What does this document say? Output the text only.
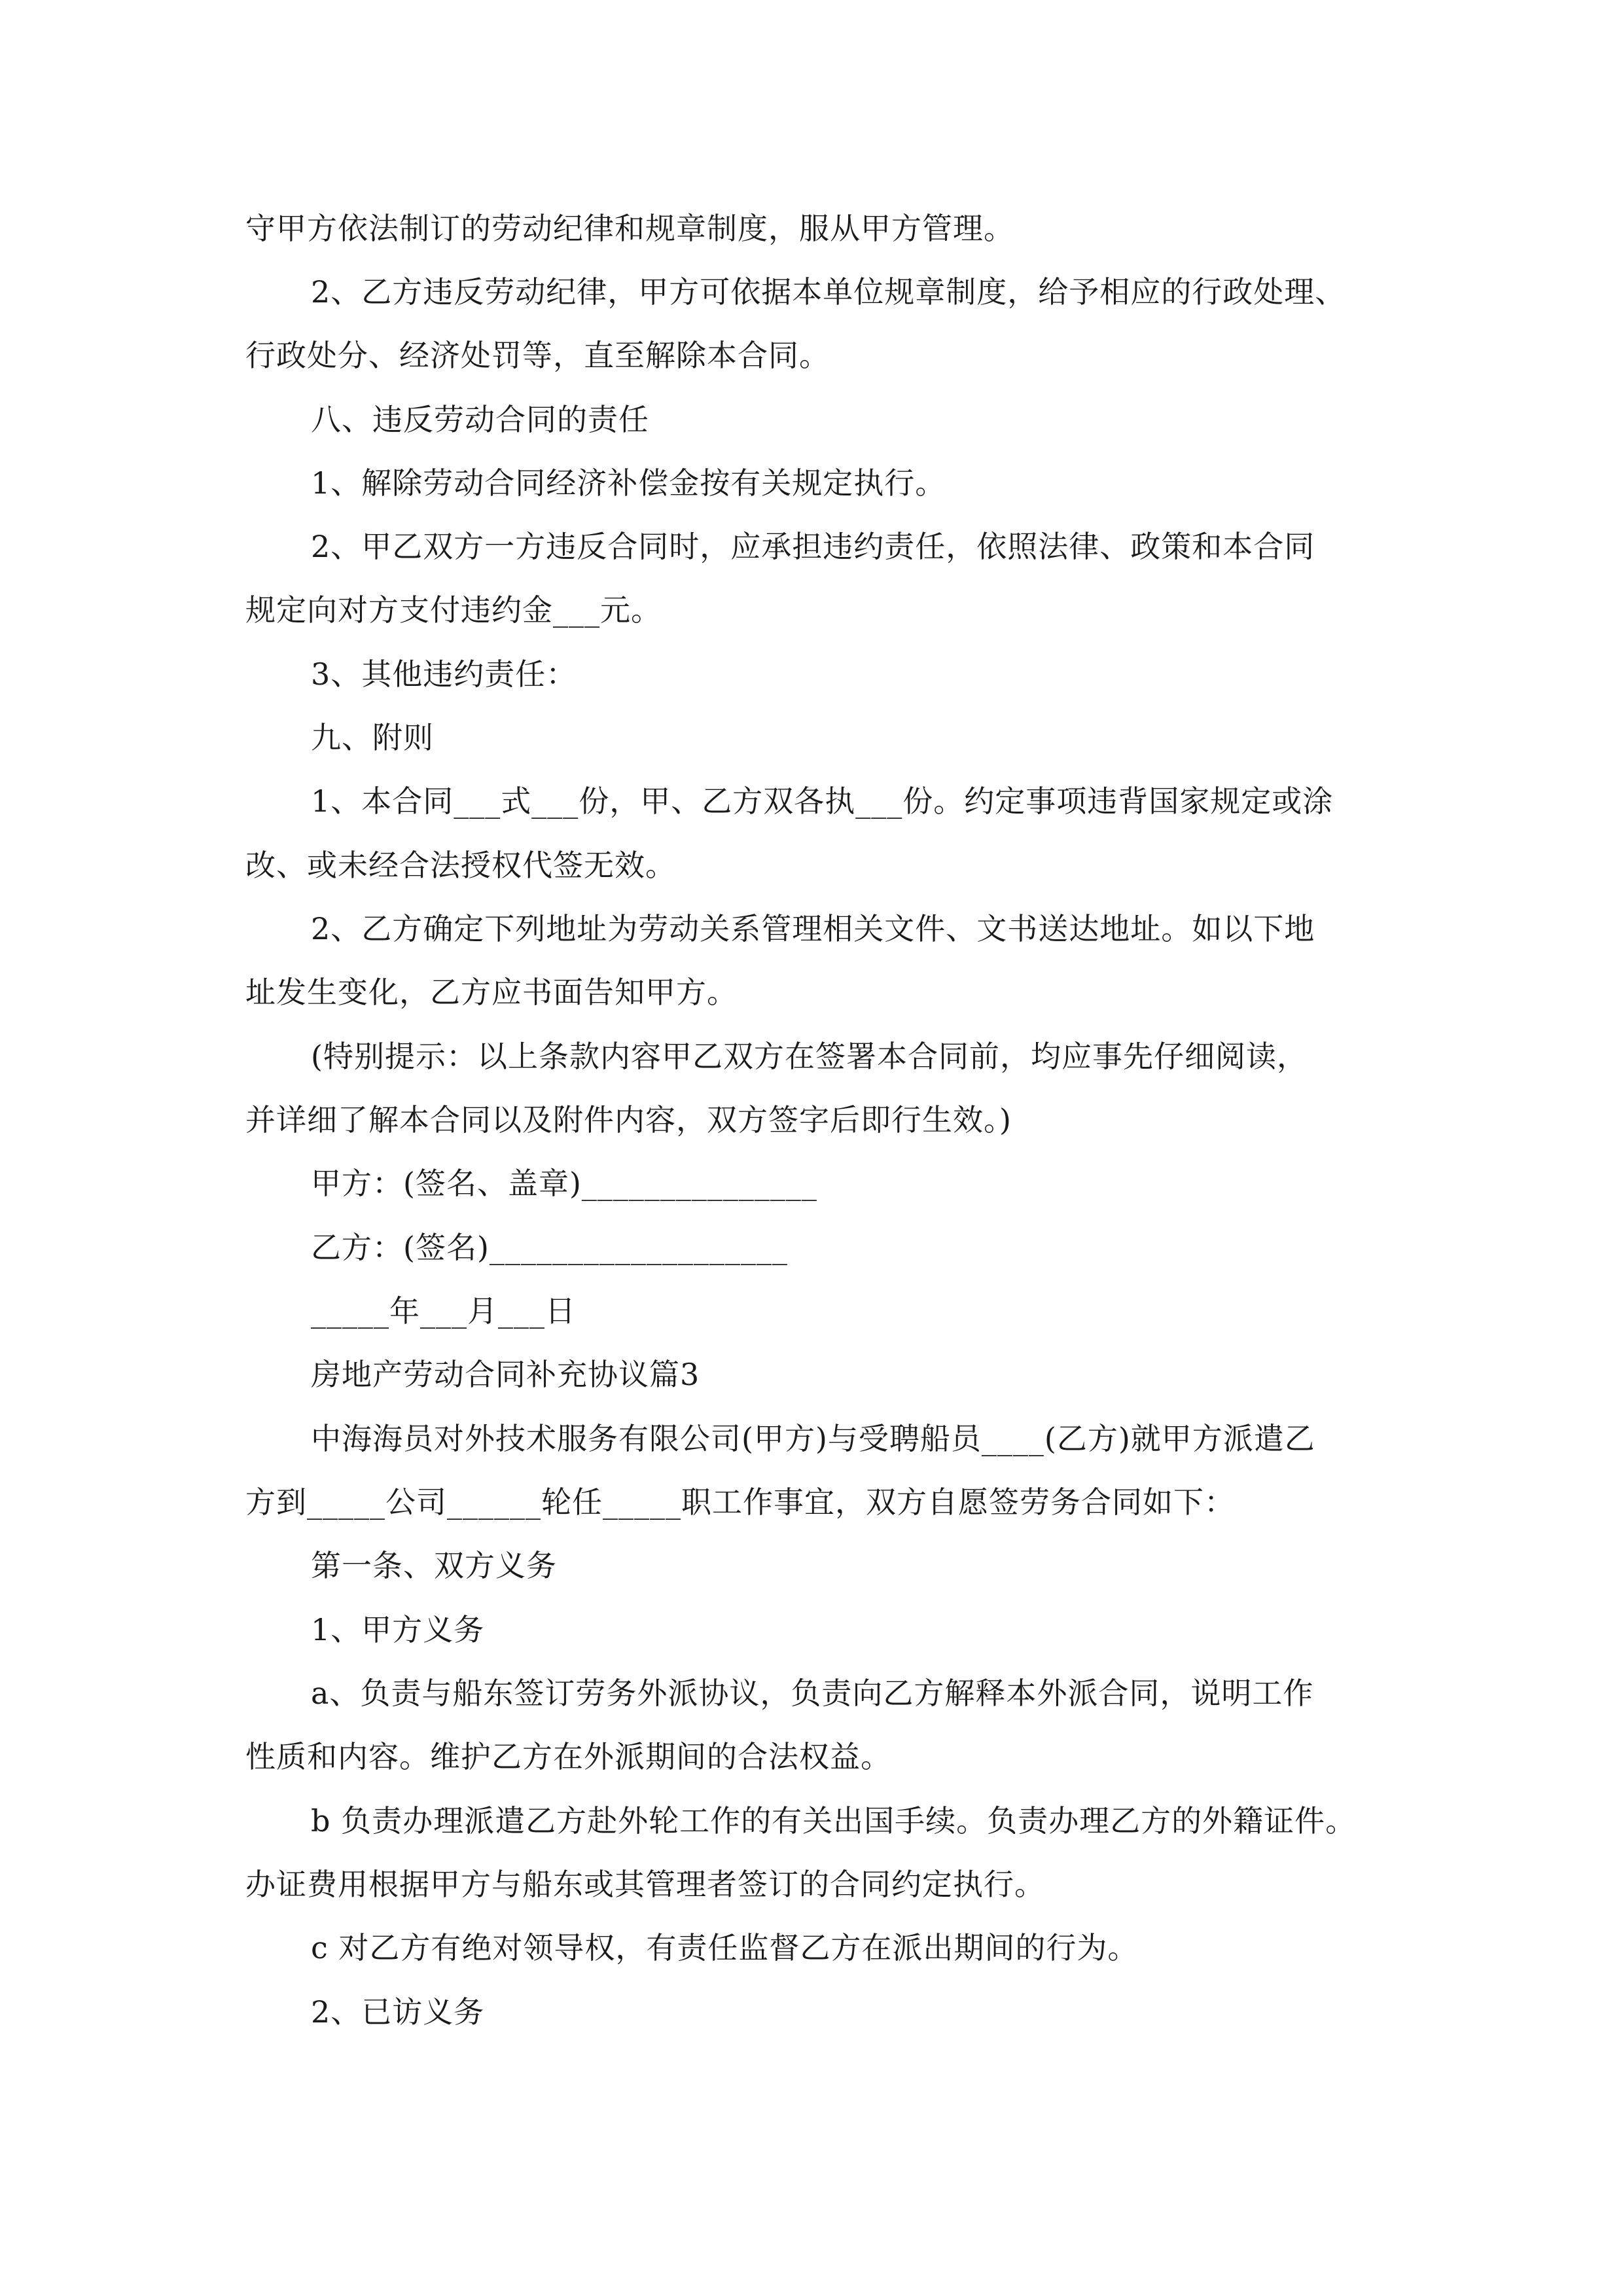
守甲方依法制订的劳动纪律和规章制度，服从甲方管理。
2、乙方违反劳动纪律，甲方可依据本单位规章制度，给予相应的行政处理、
行政处分、经济处罚等，直至解除本合同。
八、违反劳动合同的责任
1、解除劳动合同经济补偿金按有关规定执行。
2、甲乙双方一方违反合同时，应承担违约责任，依照法律、政策和本合同
规定向对方支付违约金___元。
3、其他违约责任：
九、附则
1、本合同___式___份，甲、乙方双各执___份。约定事项违背国家规定或涂
改、或未经合法授权代签无效。
2、乙方确定下列地址为劳动关系管理相关文件、文书送达地址。如以下地
址发生变化，乙方应书面告知甲方。
(特别提示：以上条款内容甲乙双方在签署本合同前，均应事先仔细阅读，
并详细了解本合同以及附件内容，双方签字后即行生效。)
甲方：(签名、盖章)_______________
乙方：(签名)___________________
_____年___月___日
房地产劳动合同补充协议篇3
中海海员对外技术服务有限公司(甲方)与受聘船员____(乙方)就甲方派遣乙
方到_____公司______轮任_____职工作事宜，双方自愿签劳务合同如下：
第一条、双方义务
1、甲方义务
a、负责与船东签订劳务外派协议，负责向乙方解释本外派合同，说明工作
性质和内容。维护乙方在外派期间的合法权益。
b 负责办理派遣乙方赴外轮工作的有关出国手续。负责办理乙方的外籍证件。
办证费用根据甲方与船东或其管理者签订的合同约定执行。
c 对乙方有绝对领导权，有责任监督乙方在派出期间的行为。
2、已访义务
